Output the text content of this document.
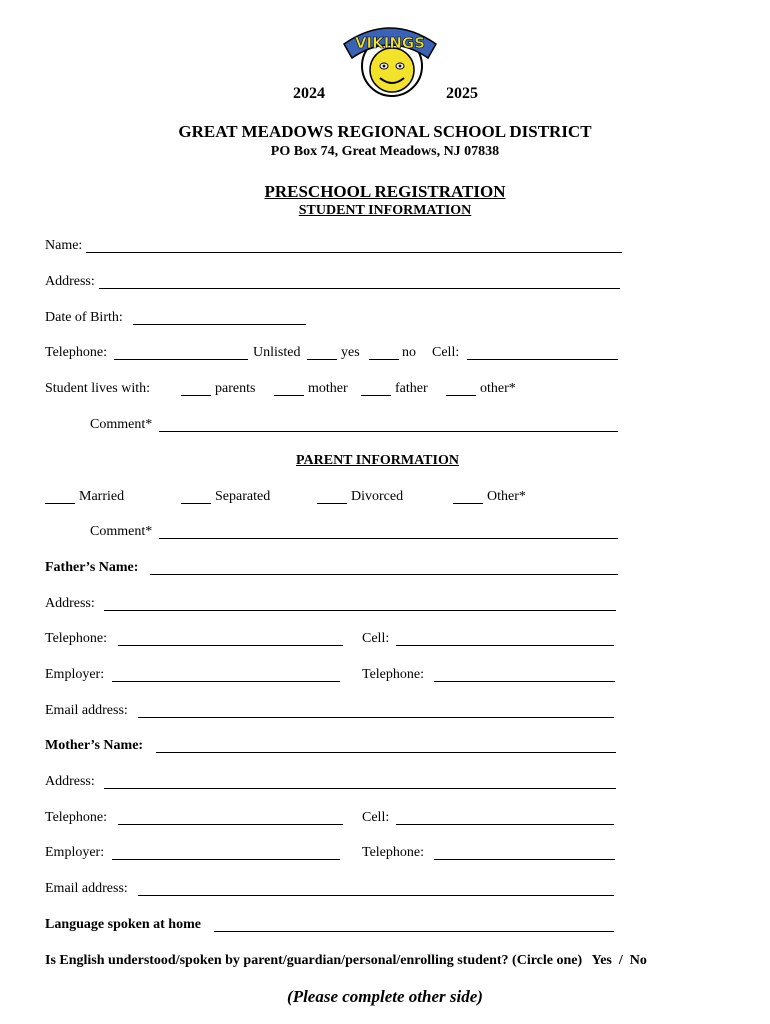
VIKINGS
2024	2025
GREAT MEADOWS REGIONAL SCHOOL DISTRICT
PO Box 74, Great Meadows, NJ 07838
PRESCHOOL REGISTRATION
STUDENT INFORMATION
Name:
Address:
Date of Birth:
Telephone:	Unlisted	yes	no Cell:
Student lives with:	parents	mother	father	other*
Comment*
PARENT INFORMATION
Married	Separated	Divorced	Other*
Comment*
Father’s Name:
Address:
Telephone:	Cell:
Employer:	Telephone:
Email address:
Mother’s Name:
Address:
Telephone:	Cell:
Employer:	Telephone:
Email address:
Language spoken at home
Is English understood/spoken by parent/guardian/personal/enrolling student? (Circle one) Yes  /  No
(Please complete other side)
